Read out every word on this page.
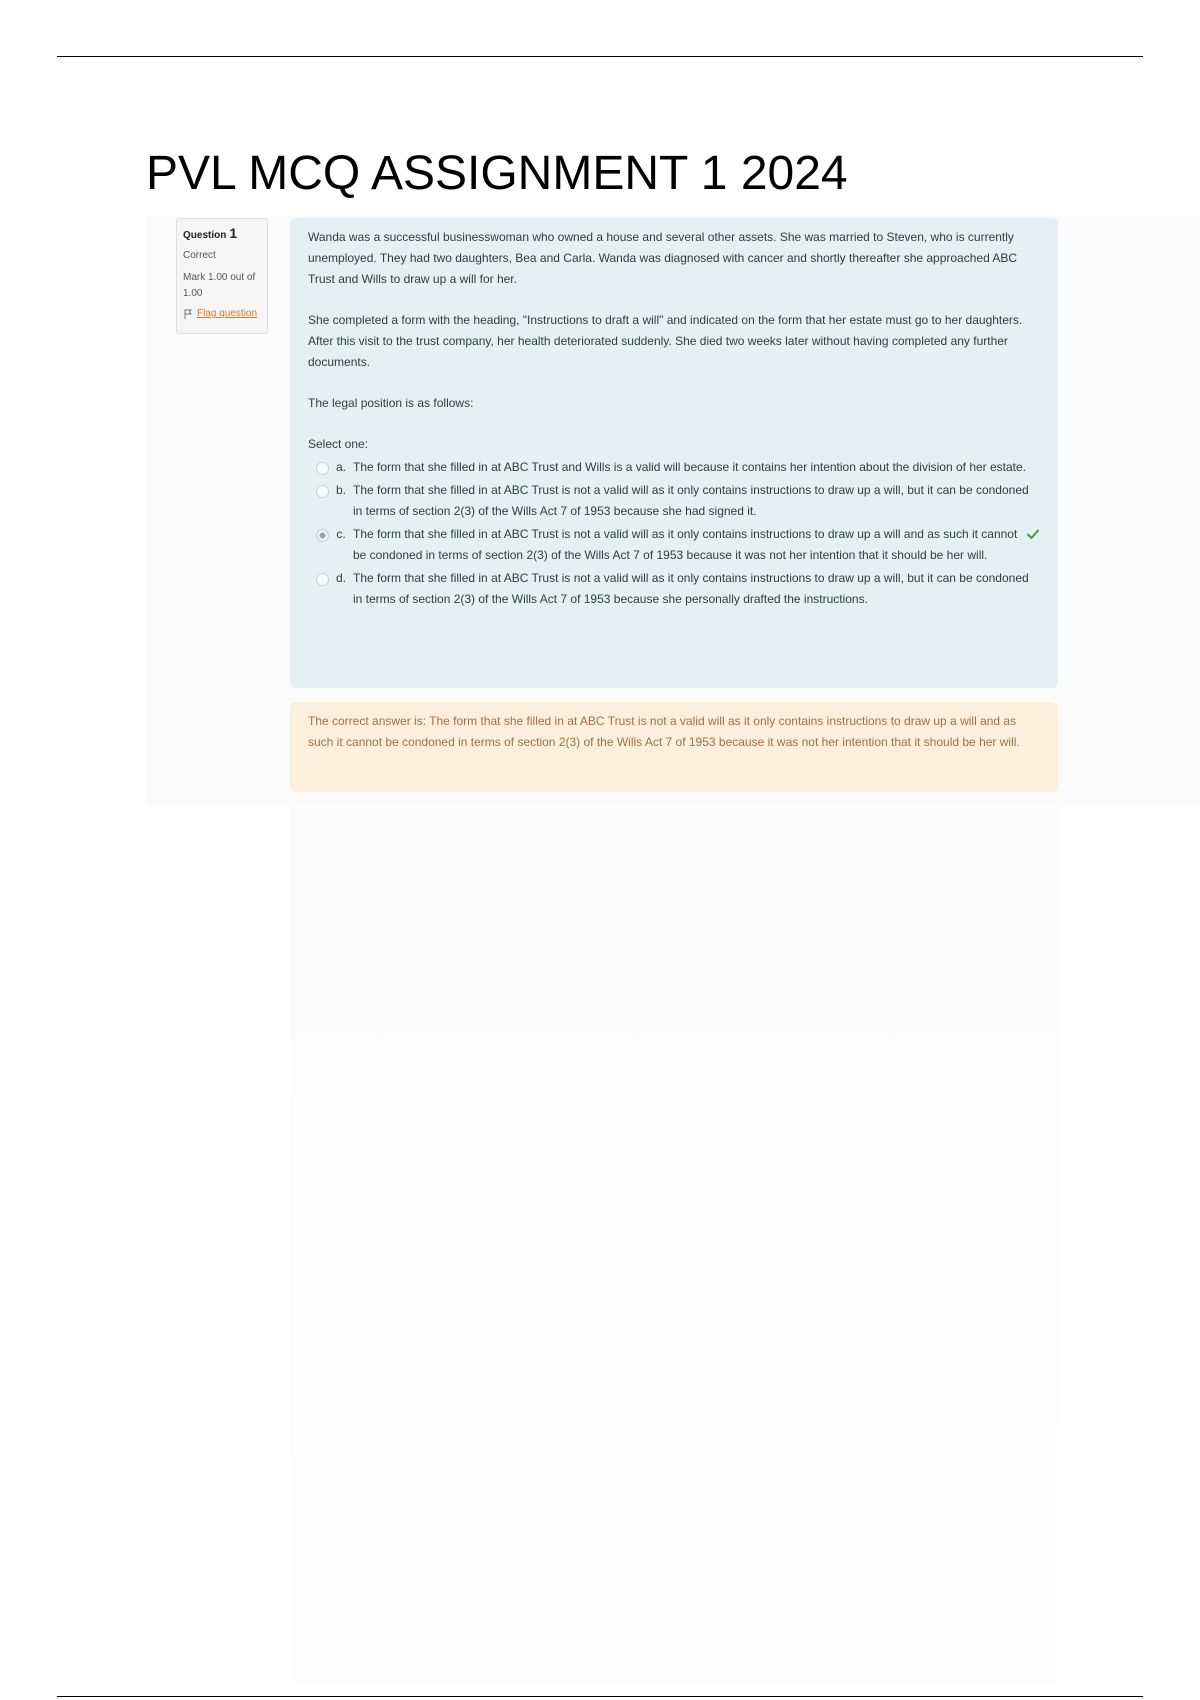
PVL MCQ ASSIGNMENT 1 2024
Question 1
Correct
Mark 1.00 out of
1.00
Flag question

Wanda was a successful businesswoman who owned a house and several other assets. She was married to Steven, who is currently unemployed. They had two daughters, Bea and Carla. Wanda was diagnosed with cancer and shortly thereafter she approached ABC Trust and Wills to draw up a will for her.

She completed a form with the heading, "Instructions to draft a will" and indicated on the form that her estate must go to her daughters. After this visit to the trust company, her health deteriorated suddenly. She died two weeks later without having completed any further documents.

The legal position is as follows:

Select one:

a. The form that she filled in at ABC Trust and Wills is a valid will because it contains her intention about the division of her estate.
b. The form that she filled in at ABC Trust is not a valid will as it only contains instructions to draw up a will, but it can be condoned in terms of section 2(3) of the Wills Act 7 of 1953 because she had signed it.
c. The form that she filled in at ABC Trust is not a valid will as it only contains instructions to draw up a will and as such it cannot be condoned in terms of section 2(3) of the Wills Act 7 of 1953 because it was not her intention that it should be her will.
d. The form that she filled in at ABC Trust is not a valid will as it only contains instructions to draw up a will, but it can be condoned in terms of section 2(3) of the Wills Act 7 of 1953 because she personally drafted the instructions.
The correct answer is: The form that she filled in at ABC Trust is not a valid will as it only contains instructions to draw up a will and as such it cannot be condoned in terms of section 2(3) of the Wills Act 7 of 1953 because it was not her intention that it should be her will.
